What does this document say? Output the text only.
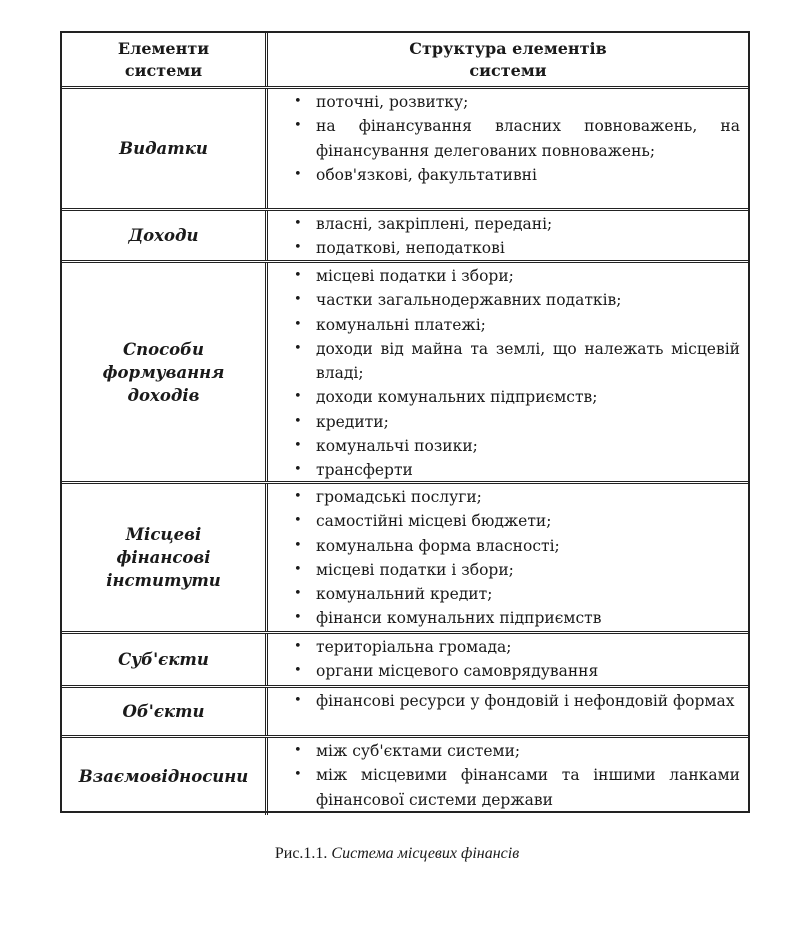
Елементи
системи
Структура елементів
системи
Видатки
• поточні, розвитку;
• на фінансування власних повноважень, на фінансування делегованих повноважень;
• обов'язкові, факультативні
Доходи
• власні, закріплені, передані;
• податкові, неподаткові
Способи
формування
доходів
• місцеві податки і збори;
• частки загальнодержавних податків;
• комунальні платежі;
• доходи від майна та землі, що належать місцевій владі;
• доходи комунальних підприємств;
• кредити;
• комунальчі позики;
• трансферти
Місцеві
фінансові
інститути
• громадські послуги;
• самостійні місцеві бюджети;
• комунальна форма власності;
• місцеві податки і збори;
• комунальний кредит;
• фінанси комунальних підприємств
Суб'єкти
• територіальна громада;
• органи місцевого самоврядування
Об'єкти
• фінансові ресурси у фондовій і нефондовій формах
Взаємовідносини
• між суб'єктами системи;
• між місцевими фінансами та іншими ланками фінансової системи держави
Рис.1.1. Система місцевих фінансів
